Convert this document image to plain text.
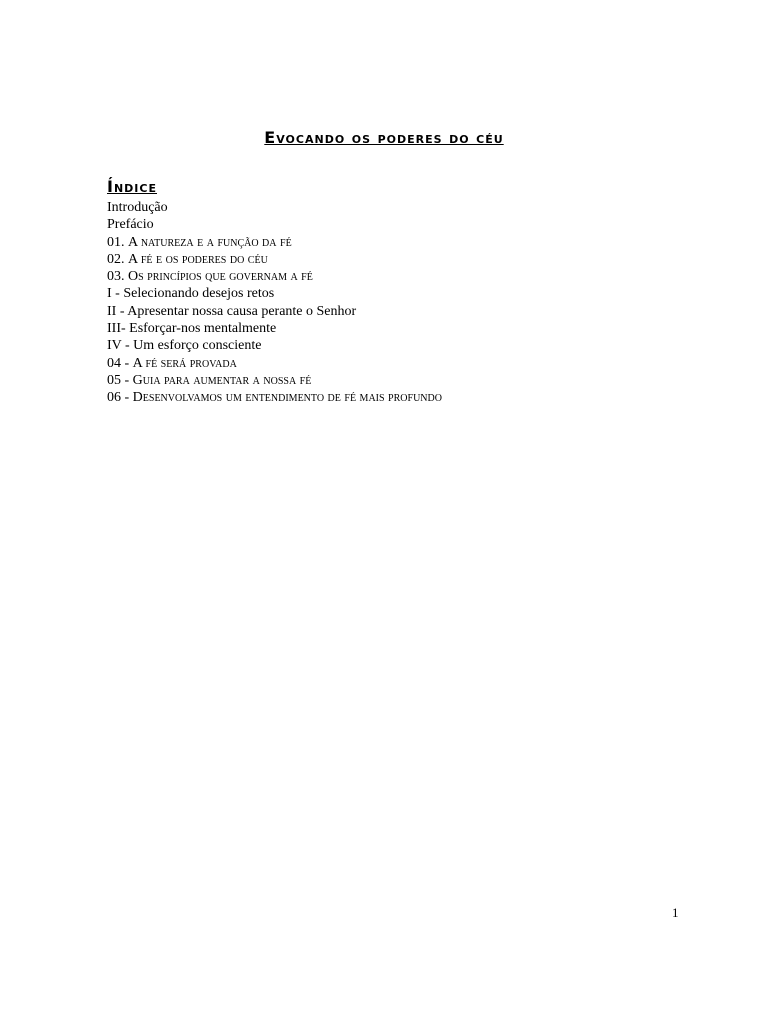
Evocando os poderes do céu
Índice
Introdução
Prefácio
01. A natureza e a função da fé
02. A fé e os poderes do céu
03. Os princípios que governam a fé
I - Selecionando desejos retos
II - Apresentar nossa causa perante o Senhor
III- Esforçar-nos mentalmente
IV - Um esforço consciente
04 - A fé será provada
05 - Guia para aumentar a nossa fé
06 - Desenvolvamos um entendimento de fé mais profundo
1
